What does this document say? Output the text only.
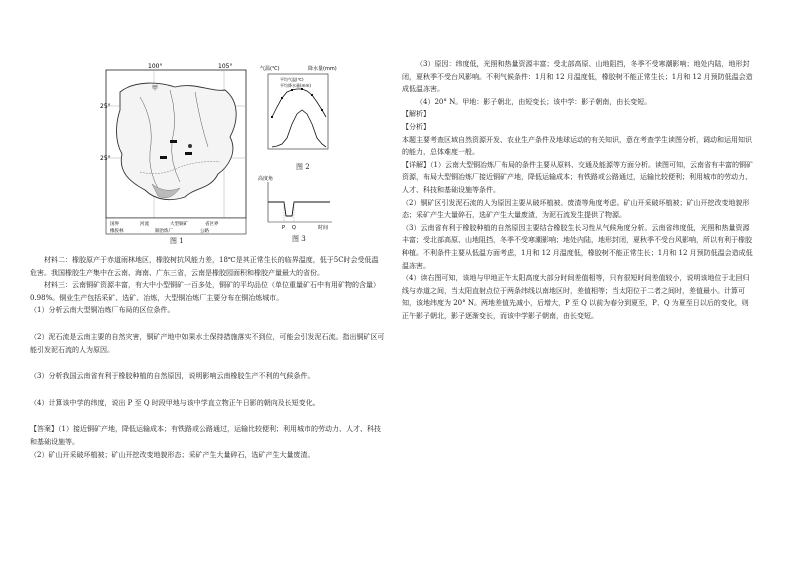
100°	105°
25°
25°
甲
国界	河流	大型铜矿	省区界
橡胶林	铜冶炼厂	公路
图 1
气温(℃)	降水量(mm)
平均气温(℃)
平均降水量(mm)
图 2
高度角
P Q	时间
图 3

材料二：橡胶原产于赤道雨林地区，橡胶树抗风能力差，18℃是其正常生长的临界温度，低于5C时会受低温危害。我国橡胶生产集中在云南、海南、广东三省，云南是橡胶园面积和橡胶产量最大的省份。

材料三：云南铜矿资源丰富，有大中小型铜矿一百多处，铜矿的平均品位（单位重量矿石中有用矿物的含量）0.98%。铜业生产包括采矿、选矿、冶炼，大型铜冶炼厂主要分布在铜冶炼城市。

（1）分析云南大型铜冶炼厂布局的区位条件。

（2）泥石流是云南主要的自然灾害，铜矿产地中如果水土保持措施落实不到位，可能会引发泥石流。指出铜矿区可能引发泥石流的人为原因。

（3）分析我国云南省有利于橡胶种植的自然原因，说明影响云南橡胶生产不利的气候条件。

（4）计算该中学的纬度，说出 P 至 Q 时段甲地与该中学直立物正午日影的朝向及长短变化。

【答案】（1）接近铜矿产地，降低运输成本；有铁路或公路通过，运输比较便利；利用城市的劳动力、人才、科技和基础设施等。

（2）矿山开采破坏植被；矿山开挖改变地貌形态；采矿产生大量碎石，选矿产生大量废渣。

（3）原因：纬度低，光照和热量资源丰富；受北部高原、山地阻挡，冬季不受寒潮影响；地处内陆，地形封闭，夏秋季不受台风影响。不利气候条件：1月和 12 月温度低，橡胶树不能正常生长；1月和 12 月预防低温会造成低温冻害。

（4）20° N。甲地：影子朝北，由短变长；该中学：影子朝南，由长变短。

【解析】

【分析】

本题主要考查区域自然资源开发、农业生产条件及地球运动的有关知识，意在考查学生读图分析，调动和运用知识的能力，总体难度一般。

【详解】（1）云南大型铜冶炼厂布局的条件主要从原料、交通及能源等方面分析。读图可知，云南省有丰富的铜矿资源，布局大型铜冶炼厂接近铜矿产地，降低运输成本；有铁路或公路通过，运输比较便利；利用城市的劳动力、人才、科技和基础设施等条件。

（2）铜矿区引发泥石流的人为原因主要从破坏植被、废渣等角度考虑。矿山开采破坏植被；矿山开挖改变地貌形态；采矿产生大量碎石，选矿产生大量废渣，为泥石流发生提供了物源。

（3）云南省有利于橡胶种植的自然原因主要结合橡胶生长习性从气候角度分析。云南省纬度低，光照和热量资源丰富；受北部高原、山地阻挡，冬季不受寒潮影响；地处内陆，地形封闭，夏秋季不受台风影响，所以有利于橡胶种植。不利条件主要从低温方面考虑，1月和 12 月温度低，橡胶树不能正常生长；1月和 12 月预防低温会造成低温冻害。

（4）读右图可知，该地与甲地正午太阳高度大部分时间差值相等，只有很短时间差值较小，说明该地位于北回归线与赤道之间，当太阳直射点位于两条纬线以南地区时，差值相等；当太阳位于二者之间时，差值最小。计算可知，该地纬度为 20° N。两地差值先减小，后增大，P 至 Q 以前为春分到夏至，P、Q 为夏至日以后的变化，则正午影子朝北，影子逐渐变长，而该中学影子朝南，由长变短。
